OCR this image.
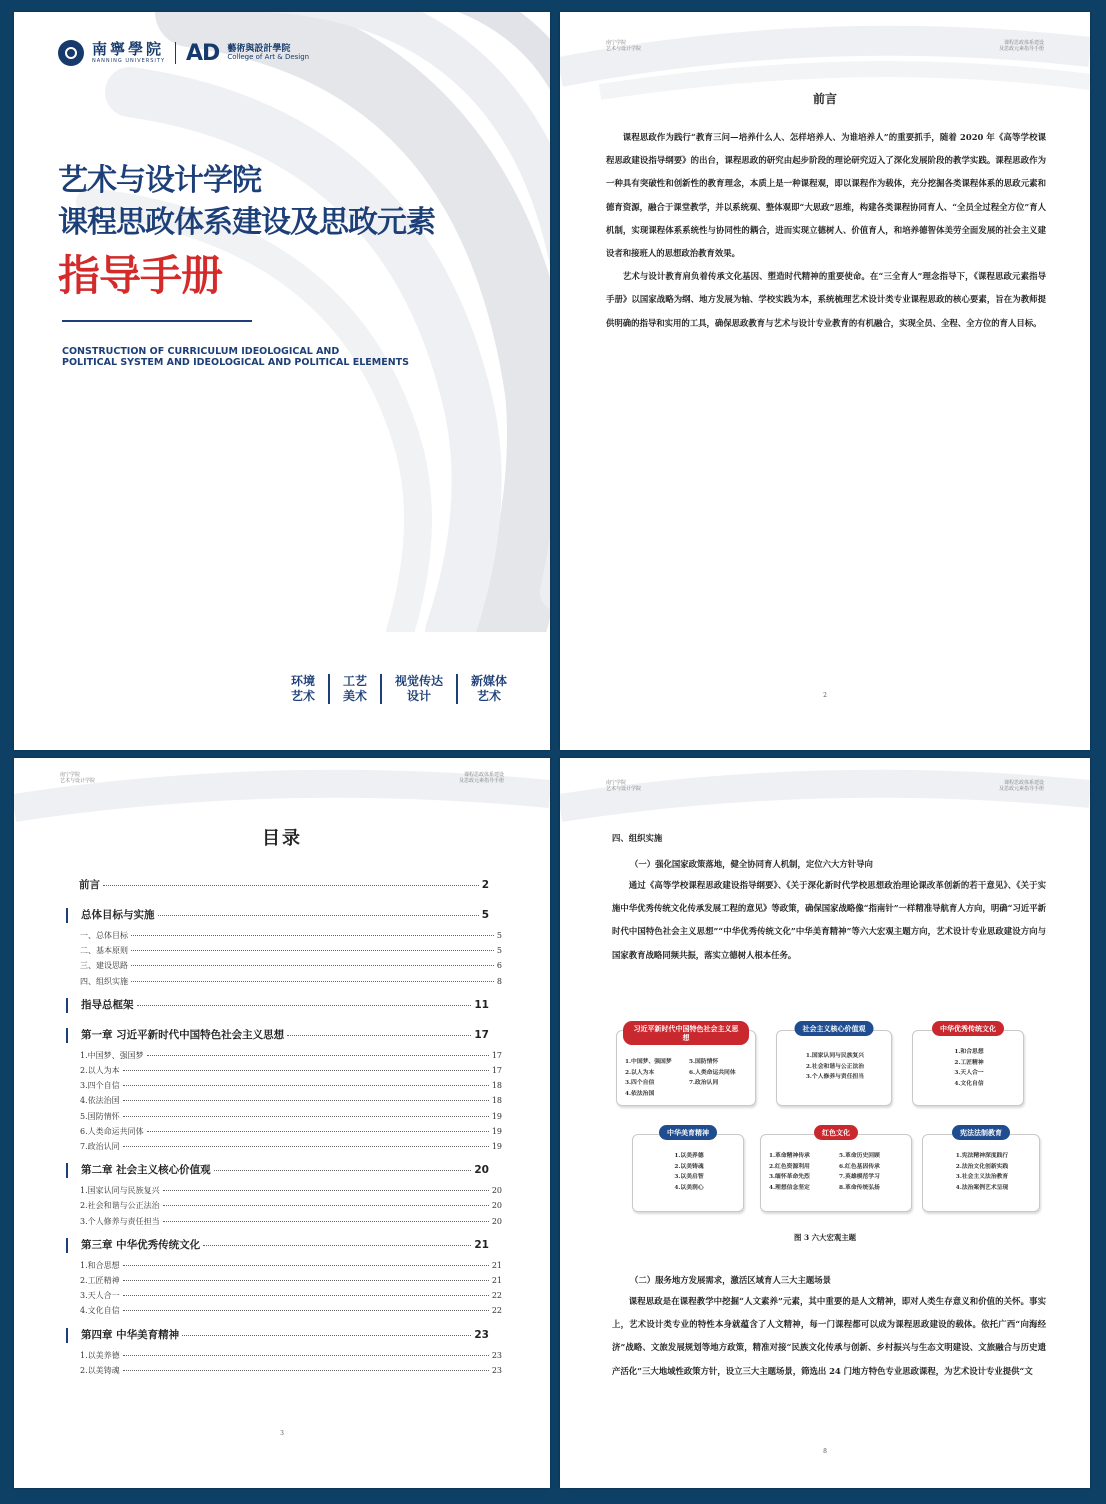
南寧學院
NANNING UNIVERSITY AD 藝術與設計學院
College of Art & Design
艺术与设计学院
课程思政体系建设及思政元素
指导手册
CONSTRUCTION OF CURRICULUM IDEOLOGICAL AND
POLITICAL SYSTEM AND IDEOLOGICAL AND POLITICAL ELEMENTS
环境
艺术
工艺
美术
视觉传达
设计
新媒体
艺术
南宁学院
艺术与设计学院
课程思政体系建设
及思政元素指导手册
前言

课程思政作为践行“教育三问—培养什么人、怎样培养人、为谁培养人”的重要抓手，随着 2020 年《高等学校课程思政建设指导纲要》的出台，课程思政的研究由起步阶段的理论研究迈入了深化发展阶段的教学实践。课程思政作为一种具有突破性和创新性的教育理念，本质上是一种课程观，即以课程作为载体，充分挖掘各类课程体系的思政元素和德育资源，融合于课堂教学，并以系统观、整体观即“大思政”思维，构建各类课程协同育人、“全员全过程全方位”育人机制，实现课程体系系统性与协同性的耦合，进而实现立德树人、价值育人，和培养德智体美劳全面发展的社会主义建设者和接班人的思想政治教育效果。

艺术与设计教育肩负着传承文化基因、塑造时代精神的重要使命。在“三全育人”理念指导下，《课程思政元素指导手册》以国家战略为纲、地方发展为轴、学校实践为本，系统梳理艺术设计类专业课程思政的核心要素，旨在为教师提供明确的指导和实用的工具，确保思政教育与艺术与设计专业教育的有机融合，实现全员、全程、全方位的育人目标。

2
南宁学院
艺术与设计学院
课程思政体系建设
及思政元素指导手册
目录
前言	2
总体目标与实施	5
一、总体目标	5
二、基本原则	5
三、建设思路	6
四、组织实施	8
指导总框架	11
第一章 习近平新时代中国特色社会主义思想	17
1.中国梦、强国梦	17
2.以人为本	17
3.四个自信	18
4.依法治国	18
5.国防情怀	19
6.人类命运共同体	19
7.政治认同	19
第二章 社会主义核心价值观	20
1.国家认同与民族复兴	20
2.社会和谐与公正法治	20
3.个人修养与责任担当	20
第三章 中华优秀传统文化	21
1.和合思想	21
2.工匠精神	21
3.天人合一	22
4.文化自信	22
第四章 中华美育精神	23
1.以美养德	23
2.以美铸魂	23
3
南宁学院
艺术与设计学院
课程思政体系建设
及思政元素指导手册
四、组织实施
（一）强化国家政策落地，健全协同育人机制，定位六大方针导向

通过《高等学校课程思政建设指导纲要》、《关于深化新时代学校思想政治理论课改革创新的若干意见》、《关于实施中华优秀传统文化传承发展工程的意见》等政策，确保国家战略像“指南针”一样精准导航育人方向，明确“习近平新时代中国特色社会主义思想”“中华优秀传统文化”中华美育精神”等六大宏观主题方向，艺术设计专业思政建设方向与国家教育战略同频共振，落实立德树人根本任务。

习近平新时代中国特色社会主义思想
1.中国梦、强国梦	5.国防情怀
2.以人为本	6.人类命运共同体
3.四个自信	7.政治认同
4.依法治国
社会主义核心价值观
1.国家认同与民族复兴
2.社会和谐与公正法治
3.个人修养与责任担当
中华优秀传统文化
1.和合思想
2.工匠精神
3.天人合一
4.文化自信
中华美育精神
1.以美养德
2.以美铸魂
3.以美启智
4.以美润心
红色文化
1.革命精神传承	5.革命历史回顾
2.红色资源利用	6.红色基因传承
3.缅怀革命先烈	7.英雄模范学习
4.理想信念坚定	8.革命传统弘扬
宪法法制教育
1.宪法精神深度践行
2.法治文化创新实践
3.社会主义法治教育
4.法治案例艺术呈现
图 3 六大宏观主题
（二）服务地方发展需求，激活区域育人三大主题场景

课程思政是在课程教学中挖掘“人文素养”元素，其中重要的是人文精神，即对人类生存意义和价值的关怀。事实上，艺术设计类专业的特性本身就蕴含了人文精神，每一门课程都可以成为课程思政建设的载体。依托广西“向海经济”战略、文旅发展规划等地方政策，精准对接“民族文化传承与创新、乡村振兴与生态文明建设、文旅融合与历史遗产活化”三大地域性政策方针，设立三大主题场景，筛选出 24 门地方特色专业思政课程，为艺术设计专业提供“文

8
